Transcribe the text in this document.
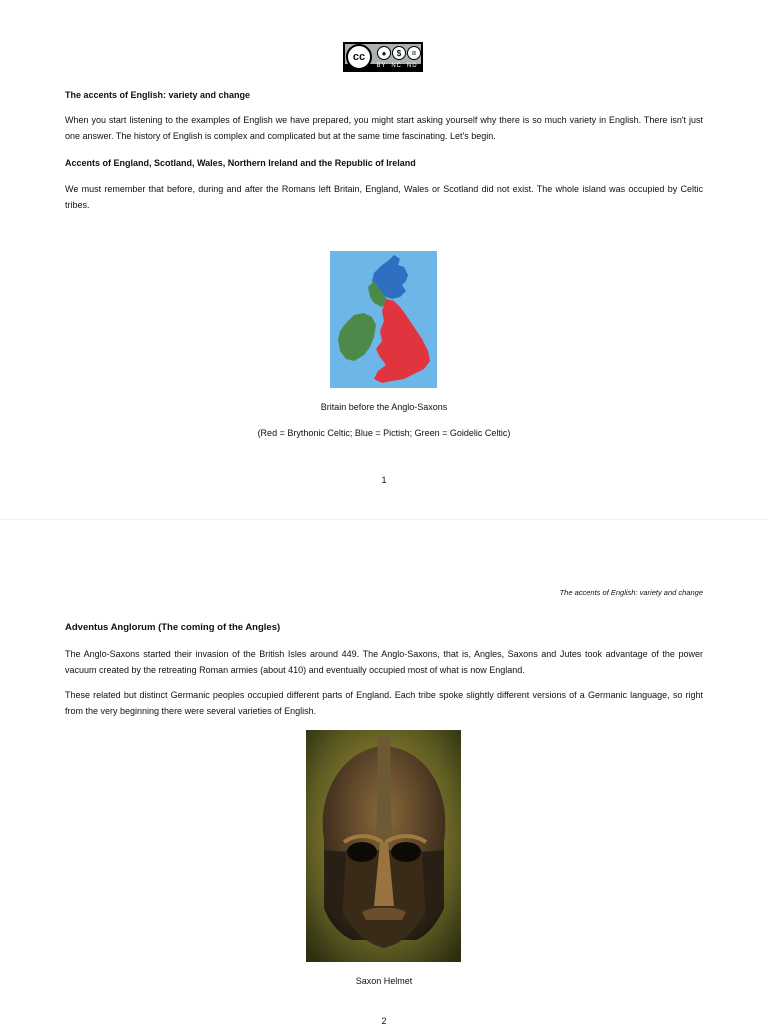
cc	●	$	=
BY NC ND
The accents of English: variety and change

When you start listening to the examples of English we have prepared, you might start asking yourself why there is so much variety in English. There isn't just one answer. The history of English is complex and complicated but at the same time fascinating. Let's begin.

Accents of England, Scotland, Wales, Northern Ireland and the Republic of Ireland

We must remember that before, during and after the Romans left Britain, England, Wales or Scotland did not exist. The whole island was occupied by Celtic tribes.

Britain before the Anglo-Saxons
(Red = Brythonic Celtic; Blue = Pictish; Green = Goidelic Celtic)
1
The accents of English: variety and change
Adventus Anglorum (The coming of the Angles)

The Anglo-Saxons started their invasion of the British Isles around 449. The Anglo-Saxons, that is, Angles, Saxons and Jutes took advantage of the power vacuum created by the retreating Roman armies (about 410) and eventually occupied most of what is now England.

These related but distinct Germanic peoples occupied different parts of England. Each tribe spoke slightly different versions of a Germanic language, so right from the very beginning there were several varieties of English.

Saxon Helmet
2
